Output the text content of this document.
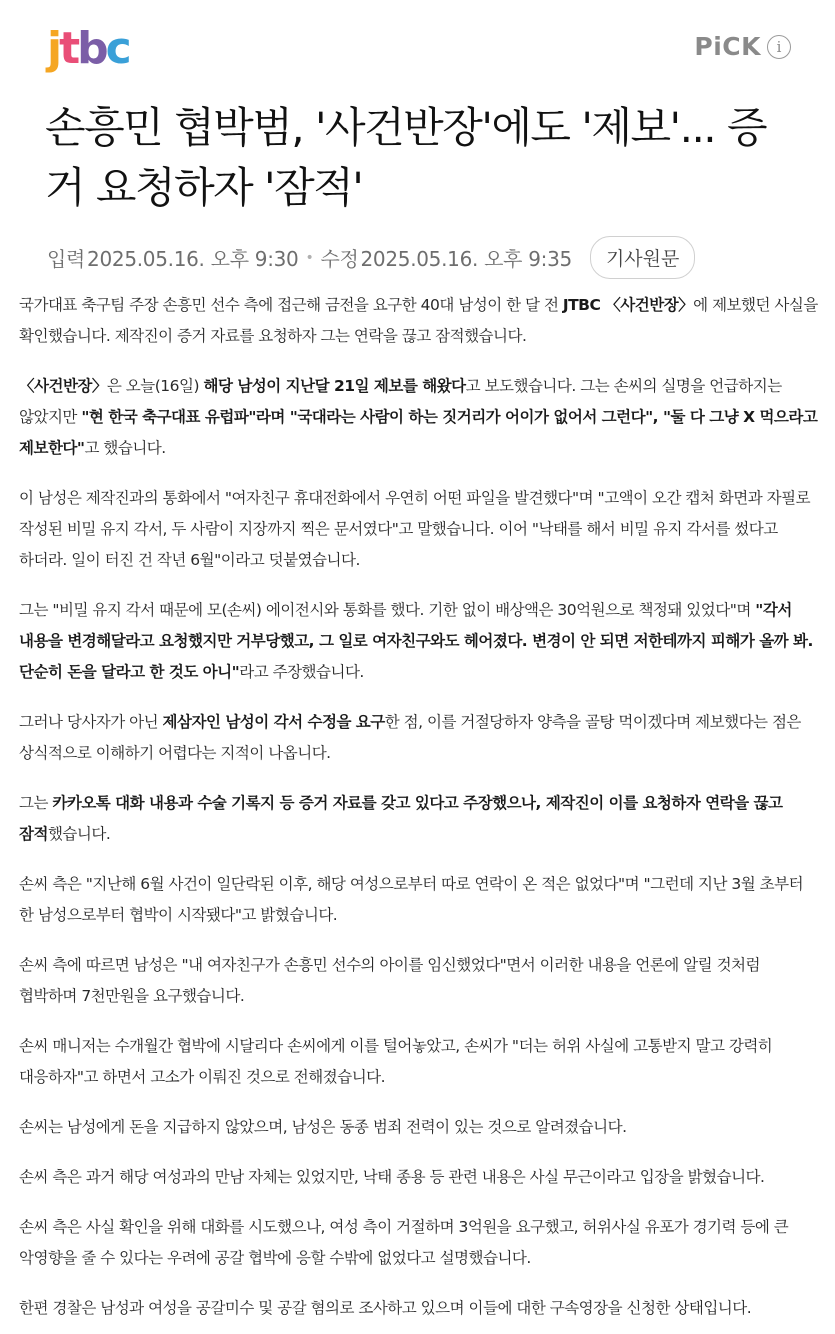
jtbc	PiCK	i
손흥민 협박범, '사건반장'에도 '제보'... 증거 요청하자 '잠적'
입력 2025.05.16. 오후 9:30 • 수정 2025.05.16. 오후 9:35	기사원문

국가대표 축구팀 주장 손흥민 선수 측에 접근해 금전을 요구한 40대 남성이 한 달 전 JTBC 〈사건반장〉에 제보했던 사실을 확인했습니다. 제작진이 증거 자료를 요청하자 그는 연락을 끊고 잠적했습니다.

〈사건반장〉은 오늘(16일) 해당 남성이 지난달 21일 제보를 해왔다고 보도했습니다. 그는 손씨의 실명을 언급하지는 않았지만 "현 한국 축구대표 유럽파"라며 "국대라는 사람이 하는 짓거리가 어이가 없어서 그런다", "둘 다 그냥 X 먹으라고 제보한다"고 했습니다.

이 남성은 제작진과의 통화에서 "여자친구 휴대전화에서 우연히 어떤 파일을 발견했다"며 "고액이 오간 캡처 화면과 자필로 작성된 비밀 유지 각서, 두 사람이 지장까지 찍은 문서였다"고 말했습니다. 이어 "낙태를 해서 비밀 유지 각서를 썼다고 하더라. 일이 터진 건 작년 6월"이라고 덧붙였습니다.

그는 "비밀 유지 각서 때문에 모(손씨) 에이전시와 통화를 했다. 기한 없이 배상액은 30억원으로 책정돼 있었다"며 "각서 내용을 변경해달라고 요청했지만 거부당했고, 그 일로 여자친구와도 헤어졌다. 변경이 안 되면 저한테까지 피해가 올까 봐. 단순히 돈을 달라고 한 것도 아니"라고 주장했습니다.

그러나 당사자가 아닌 제삼자인 남성이 각서 수정을 요구한 점, 이를 거절당하자 양측을 골탕 먹이겠다며 제보했다는 점은 상식적으로 이해하기 어렵다는 지적이 나옵니다.

그는 카카오톡 대화 내용과 수술 기록지 등 증거 자료를 갖고 있다고 주장했으나, 제작진이 이를 요청하자 연락을 끊고 잠적했습니다.

손씨 측은 "지난해 6월 사건이 일단락된 이후, 해당 여성으로부터 따로 연락이 온 적은 없었다"며 "그런데 지난 3월 초부터 한 남성으로부터 협박이 시작됐다"고 밝혔습니다.

손씨 측에 따르면 남성은 "내 여자친구가 손흥민 선수의 아이를 임신했었다"면서 이러한 내용을 언론에 알릴 것처럼 협박하며 7천만원을 요구했습니다.

손씨 매니저는 수개월간 협박에 시달리다 손씨에게 이를 털어놓았고, 손씨가 "더는 허위 사실에 고통받지 말고 강력히 대응하자"고 하면서 고소가 이뤄진 것으로 전해졌습니다.

손씨는 남성에게 돈을 지급하지 않았으며, 남성은 동종 범죄 전력이 있는 것으로 알려졌습니다.

손씨 측은 과거 해당 여성과의 만남 자체는 있었지만, 낙태 종용 등 관련 내용은 사실 무근이라고 입장을 밝혔습니다.

손씨 측은 사실 확인을 위해 대화를 시도했으나, 여성 측이 거절하며 3억원을 요구했고, 허위사실 유포가 경기력 등에 큰 악영향을 줄 수 있다는 우려에 공갈 협박에 응할 수밖에 없었다고 설명했습니다.

한편 경찰은 남성과 여성을 공갈미수 및 공갈 혐의로 조사하고 있으며 이들에 대한 구속영장을 신청한 상태입니다.
